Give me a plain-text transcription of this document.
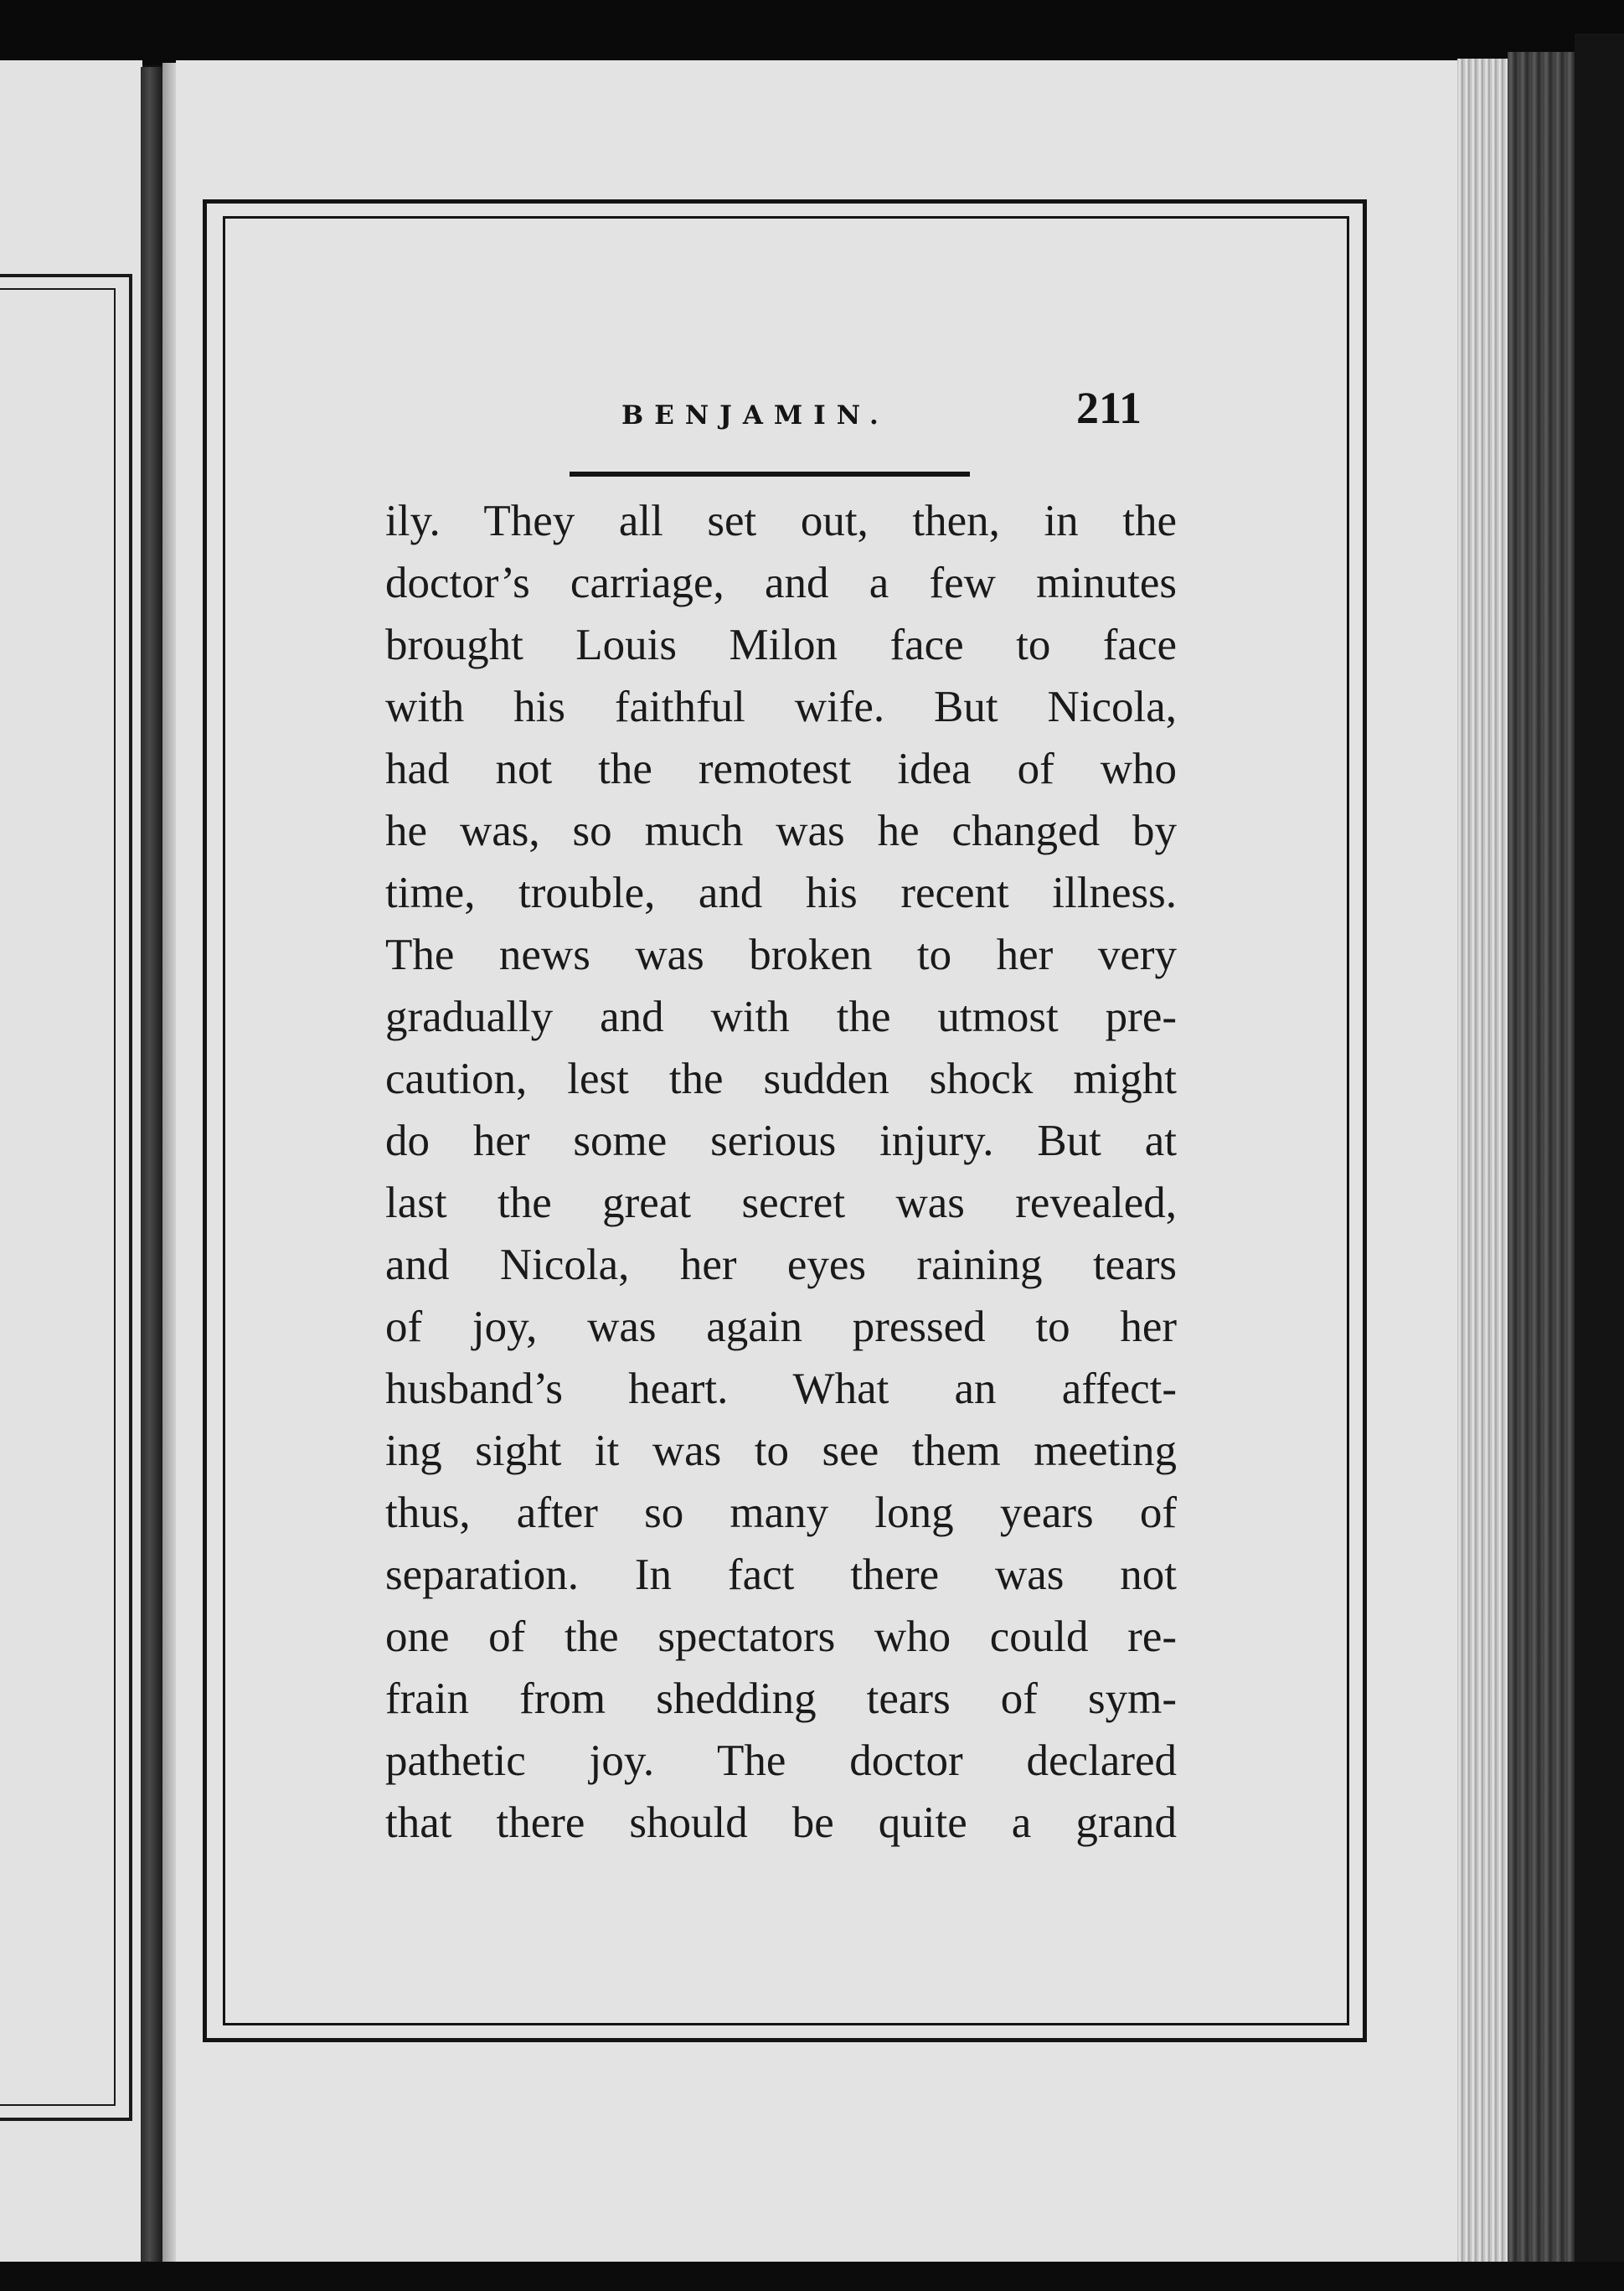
BENJAMIN.	211
ily. They all set out, then, in the
doctor’s carriage, and a few minutes
brought Louis Milon face to face
with his faithful wife. But Nicola,
had not the remotest idea of who
he was, so much was he changed by
time, trouble, and his recent illness.
The news was broken to her very
gradually and with the utmost pre-
caution, lest the sudden shock might
do her some serious injury. But at
last the great secret was revealed,
and Nicola, her eyes raining tears
of joy, was again pressed to her
husband’s heart. What an affect-
ing sight it was to see them meeting
thus, after so many long years of
separation. In fact there was not
one of the spectators who could re-
frain from shedding tears of sym-
pathetic joy. The doctor declared
that there should be quite a grand
